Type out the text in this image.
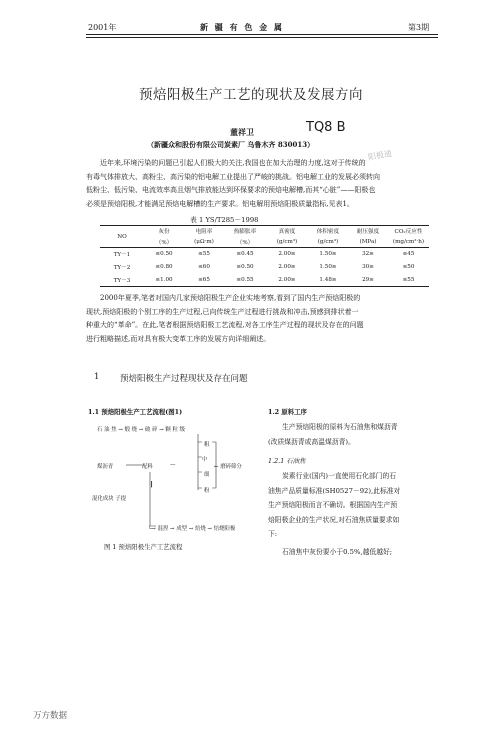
2001年	新 疆 有 色 金 属	第3期
预焙阳极生产工艺的现状及发展方向
董祥卫	TQ8 B
（新疆众和股份有限公司炭素厂 乌鲁木齐 830013）
近年来,环境污染的问题已引起人们极大的关注,我国也在加大治理的力度,这对于传统的
有毒气体排放大、高粉尘、高污染的铝电解工业提出了严峻的挑战。铝电解工业的发展必须转向
低粉尘、低污染、电流效率高且烟气排放能达到环保要求的预焙电解槽,而其“心脏”——阳极也
必须是预焙阳极,才能满足预焙电解槽的生产要求。铝电解用预焙阳极质量指标,见表1。
阳极通
表 1 YS/T285－1998
NO	灰份	电阻率	热膨胀率	真密度	体积密度	耐压强度	CO₂反应性
	（%）	(μΩ·m)	（%）	(g/cm³)	(g/cm³)	(MPa)	(mg/cm²·h)
TY－1	≤0.50	≤55	≤0.45	2.00≥	1.50≥	32≥	≤45
TY－2	≤0.80	≤60	≤0.50	2.00≥	1.50≥	30≥	≤50
TY－3	≤1.00	≤65	≤0.55	2.00≥	1.48≥	29≥	≤55
2000年夏季,笔者对国内几家预焙阳极生产企业实地考察,看到了国内生产预焙阳极的
现状,预焙阳极的个别工序的生产过程,已向传统生产过程进行挑战和冲击,预感到排状着一
种重大的“革命”。在此,笔者根据预焙阳极工艺流程,对各工序生产过程的现状及存在的问题
进行粗略描述,而对具有极大变革工序的发展方向详细阐述。
1 预焙阳极生产过程现状及存在问题
1.1 预焙阳极生产工艺流程(图1)
石 油 焦 → 煅 烧 → 破 碎 → 颗 粒 级
粗
中
细
粉
煤沥青	配料	—	← 磨碎筛分
┃
混化成块 子提
└→ 混捏 → 成型 → 焙烧 → 焙烧阳极
图 1 预焙阳极生产工艺流程
1.2 原料工序
生产预焙阳极的原料为石油焦和煤沥青
(改质煤沥青或高温煤沥青)。
1.2.1 石油焦
炭素行业(国内)一直使用石化部门的石
油焦产品质量标准(SH0527－92),此标准对
生产预焙阳极而言不确切。根据国内生产预
焙阳极企业的生产状况,对石油焦质量要求如
下:
石油焦中灰份要小于0.5%,越低越好;
万方数据
